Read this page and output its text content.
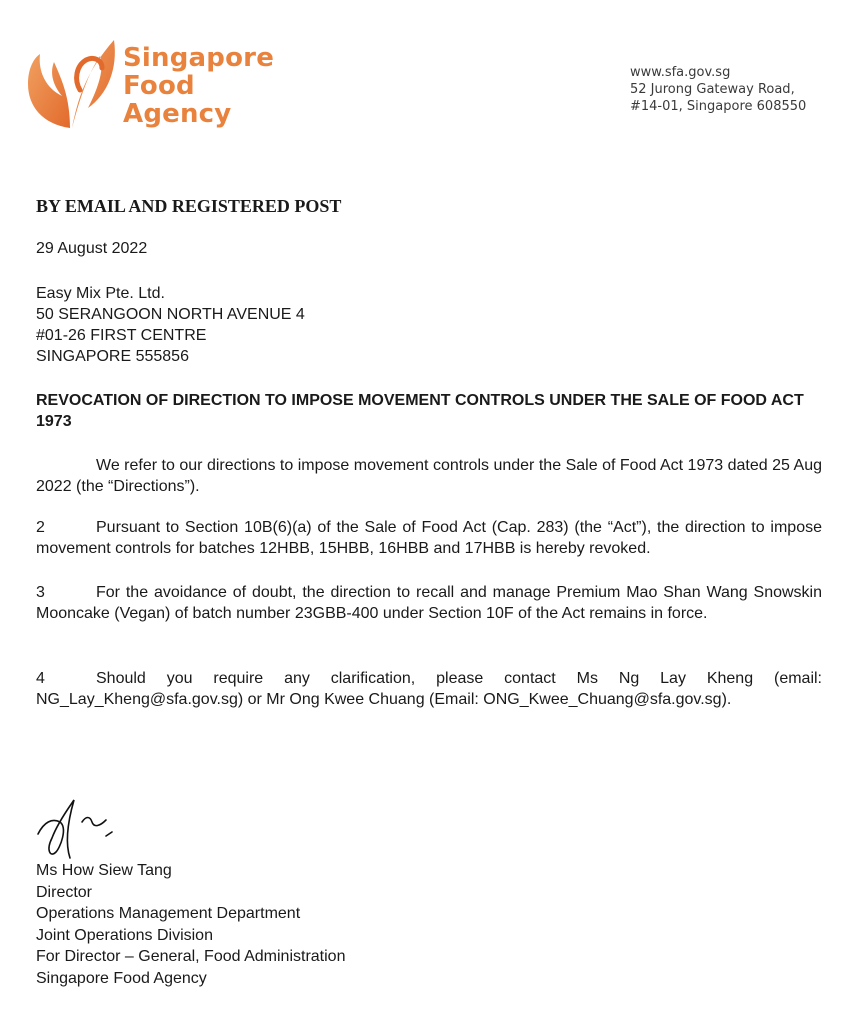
Singapore
Food
Agency
www.sfa.gov.sg
52 Jurong Gateway Road,
#14-01, Singapore 608550
BY EMAIL AND REGISTERED POST
29 August 2022
Easy Mix Pte. Ltd.
50 SERANGOON NORTH AVENUE 4
#01-26 FIRST CENTRE
SINGAPORE 555856
REVOCATION OF DIRECTION TO IMPOSE MOVEMENT CONTROLS UNDER THE SALE OF FOOD ACT 1973
We refer to our directions to impose movement controls under the Sale of Food Act 1973 dated 25 Aug 2022 (the “Directions”).
2	Pursuant to Section 10B(6)(a) of the Sale of Food Act (Cap. 283) (the “Act”), the direction to impose movement controls for batches 12HBB, 15HBB, 16HBB and 17HBB is hereby revoked.
3	For the avoidance of doubt, the direction to recall and manage Premium Mao Shan Wang Snowskin Mooncake (Vegan) of batch number 23GBB-400 under Section 10F of the Act remains in force.
4	Should you require any clarification, please contact Ms Ng Lay Kheng (email: NG_Lay_Kheng@sfa.gov.sg) or Mr Ong Kwee Chuang (Email: ONG_Kwee_Chuang@sfa.gov.sg).
Ms How Siew Tang
Director
Operations Management Department
Joint Operations Division
For Director – General, Food Administration
Singapore Food Agency
